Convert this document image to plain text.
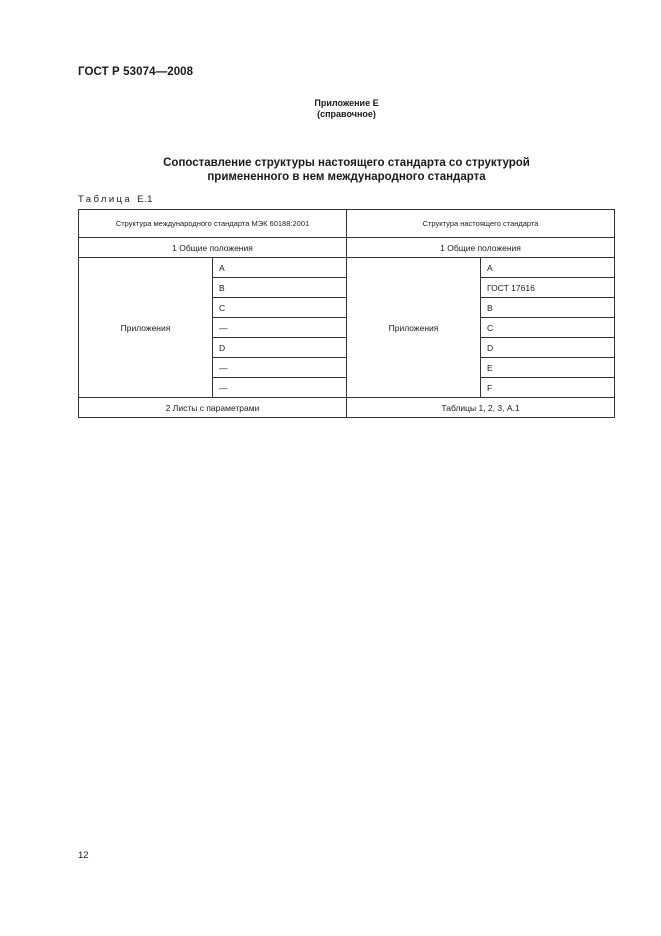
ГОСТ Р 53074—2008
Приложение Е
(справочное)
Сопоставление структуры настоящего стандарта со структурой
примененного в нем международного стандарта
Таблица Е.1
Структура международного стандарта МЭК 60188:2001		Структура настоящего стандарта	
1 Общие положения		1 Общие положения	
Приложения	A	Приложения	A
	B		ГОСТ 17616
	C		B
	—		C
	D		D
	—		E
	—		F
2 Листы с параметрами		Таблицы 1, 2, 3, А.1	
12
